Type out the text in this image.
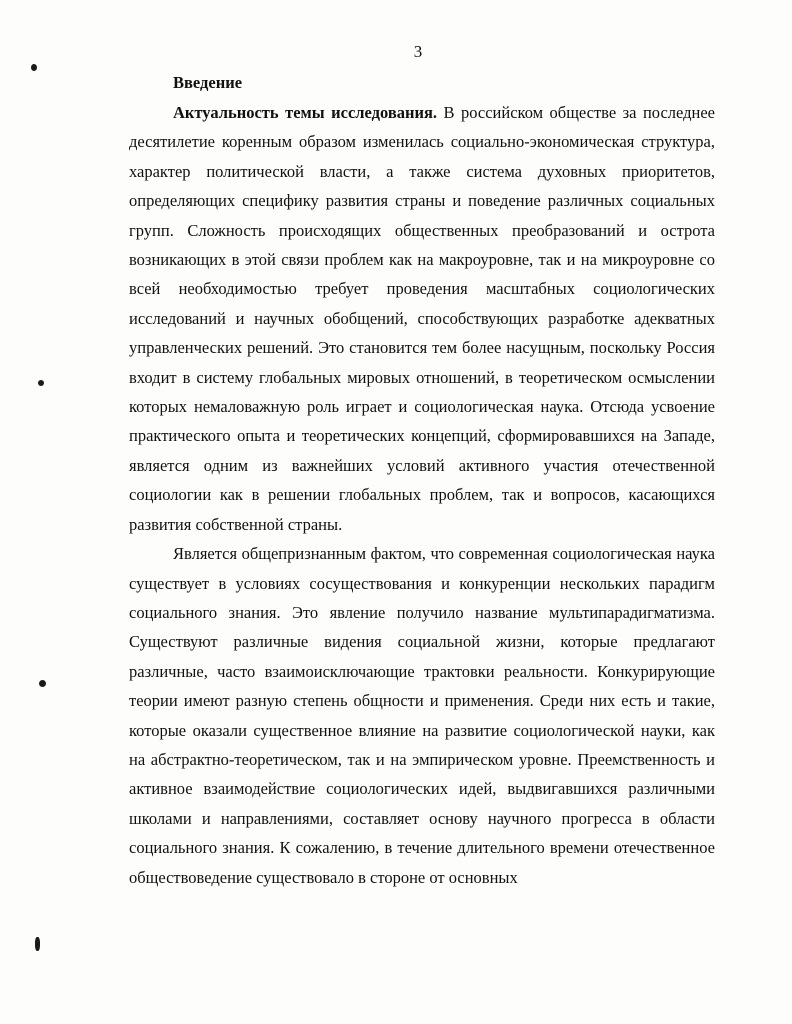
3
Введение

Актуальность темы исследования. В российском обществе за последнее десятилетие коренным образом изменилась социально-экономическая структура, характер политической власти, а также система духовных приоритетов, определяющих специфику развития страны и поведение различных социальных групп. Сложность происходящих общественных преобразований и острота возникающих в этой связи проблем как на макроуровне, так и на микроуровне со всей необходимостью требует проведения масштабных социологических исследований и научных обобщений, способствующих разработке адекватных управленческих решений. Это становится тем более насущным, поскольку Россия входит в систему глобальных мировых отношений, в теоретическом осмыслении которых немаловажную роль играет и социологическая наука. Отсюда усвоение практического опыта и теоретических концепций, сформировавшихся на Западе, является одним из важнейших условий активного участия отечественной социологии как в решении глобальных проблем, так и вопросов, касающихся развития собственной страны.

Является общепризнанным фактом, что современная социологическая наука существует в условиях сосуществования и конкуренции нескольких парадигм социального знания. Это явление получило название мультипарадигматизма. Существуют различные видения социальной жизни, которые предлагают различные, часто взаимоисключающие трактовки реальности. Конкурирующие теории имеют разную степень общности и применения. Среди них есть и такие, которые оказали существенное влияние на развитие социологической науки, как на абстрактно-теоретическом, так и на эмпирическом уровне. Преемственность и активное взаимодействие социологических идей, выдвигавшихся различными школами и направлениями, составляет основу научного прогресса в области социального знания. К сожалению, в течение длительного времени отечественное обществоведение существовало в стороне от основных
